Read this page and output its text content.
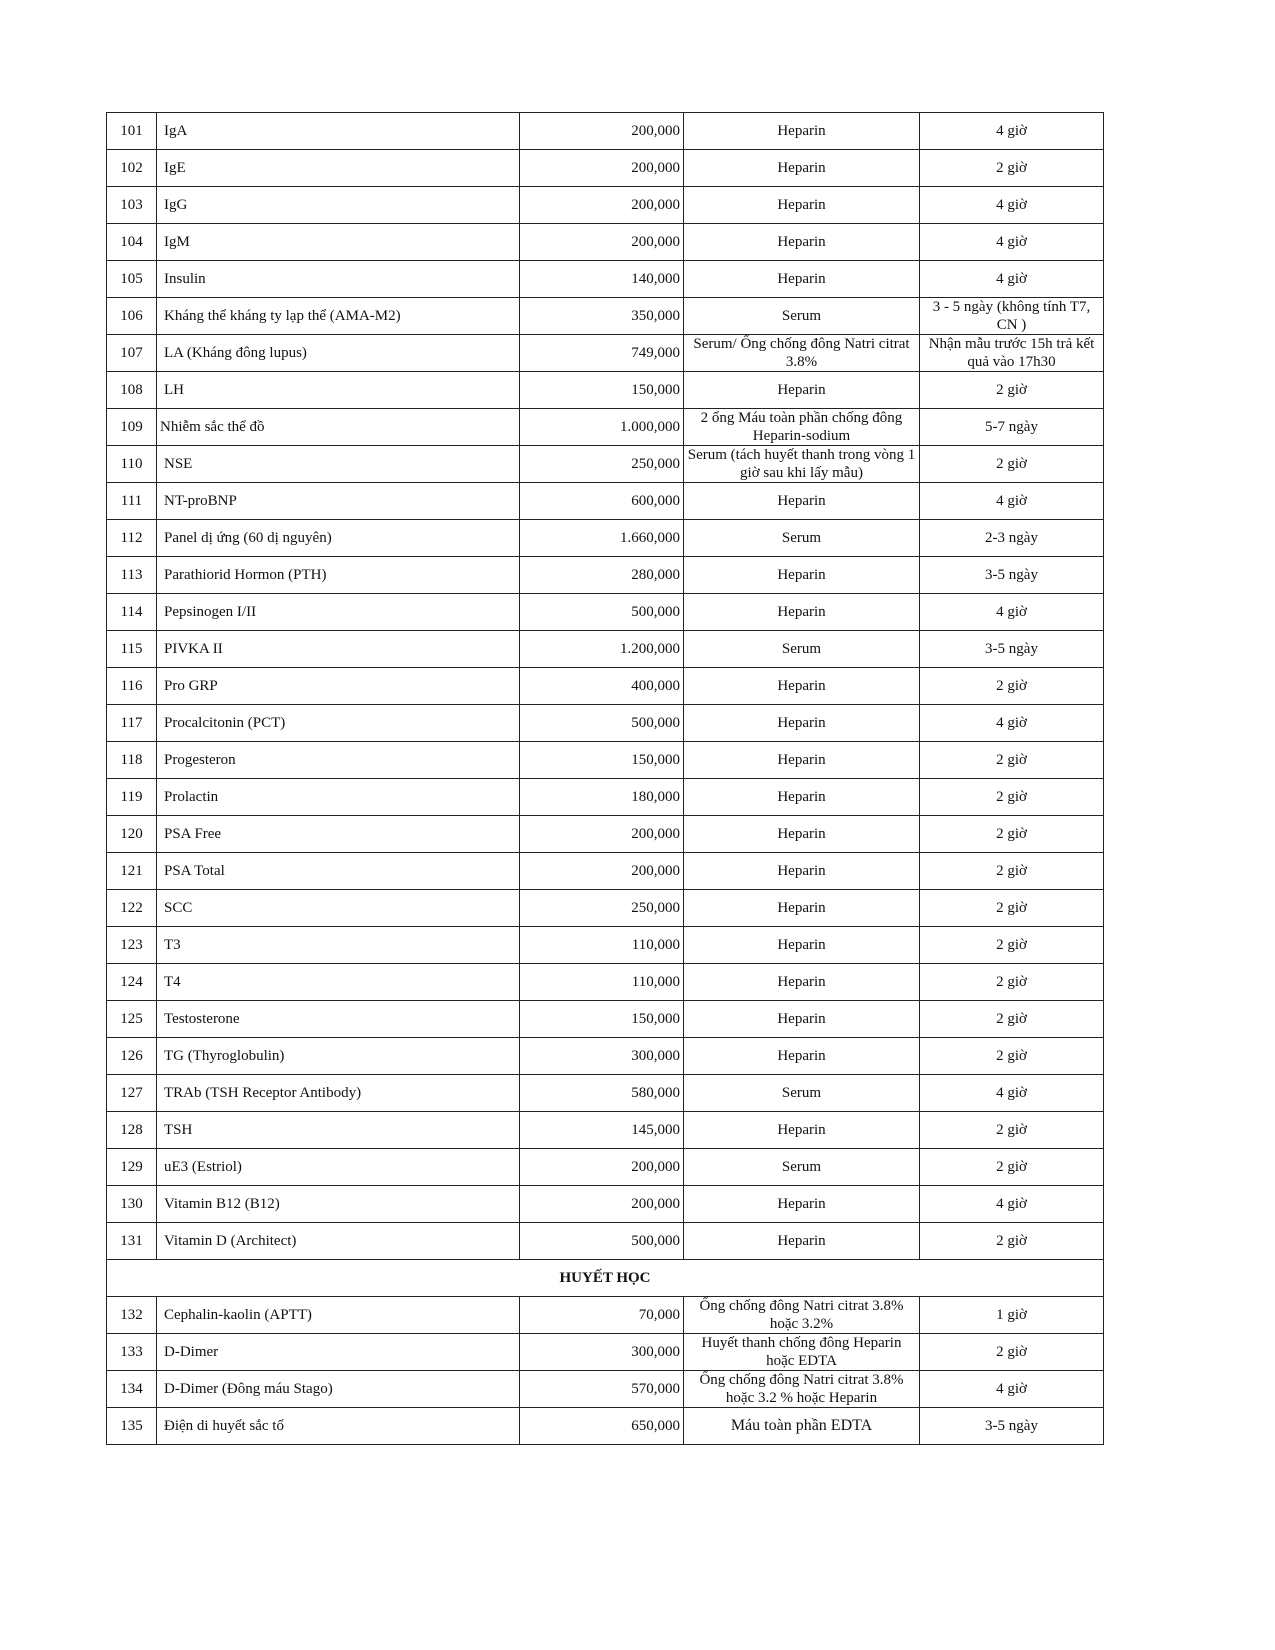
101	IgA	200,000	Heparin	4 giờ
102	IgE	200,000	Heparin	2 giờ
103	IgG	200,000	Heparin	4 giờ
104	IgM	200,000	Heparin	4 giờ
105	Insulin	140,000	Heparin	4 giờ
106	Kháng thể kháng ty lạp thể (AMA-M2)	350,000	Serum	3 - 5 ngày (không tính T7, CN )
107	LA (Kháng đông lupus)	749,000	Serum/ Ống chống đông Natri citrat 3.8%	Nhận mẫu trước 15h trả kết quả vào 17h30
108	LH	150,000	Heparin	2 giờ
109	Nhiễm sắc thể đồ	1.000,000	2 ống Máu toàn phần chống đông Heparin-sodium	5-7 ngày
110	NSE	250,000	Serum (tách huyết thanh trong vòng 1 giờ sau khi lấy mẫu)	2 giờ
111	NT-proBNP	600,000	Heparin	4 giờ
112	Panel dị ứng (60 dị nguyên)	1.660,000	Serum	2-3 ngày
113	Parathiorid Hormon (PTH)	280,000	Heparin	3-5 ngày
114	Pepsinogen I/II	500,000	Heparin	4 giờ
115	PIVKA II	1.200,000	Serum	3-5 ngày
116	Pro GRP	400,000	Heparin	2 giờ
117	Procalcitonin (PCT)	500,000	Heparin	4 giờ
118	Progesteron	150,000	Heparin	2 giờ
119	Prolactin	180,000	Heparin	2 giờ
120	PSA Free	200,000	Heparin	2 giờ
121	PSA Total	200,000	Heparin	2 giờ
122	SCC	250,000	Heparin	2 giờ
123	T3	110,000	Heparin	2 giờ
124	T4	110,000	Heparin	2 giờ
125	Testosterone	150,000	Heparin	2 giờ
126	TG (Thyroglobulin)	300,000	Heparin	2 giờ
127	TRAb (TSH Receptor Antibody)	580,000	Serum	4 giờ
128	TSH	145,000	Heparin	2 giờ
129	uE3 (Estriol)	200,000	Serum	2 giờ
130	Vitamin B12 (B12)	200,000	Heparin	4 giờ
131	Vitamin D (Architect)	500,000	Heparin	2 giờ
HUYẾT HỌC				
132	Cephalin-kaolin (APTT)	70,000	Ống chống đông Natri citrat 3.8% hoặc 3.2%	1 giờ
133	D-Dimer	300,000	Huyết thanh chống đông Heparin hoặc EDTA	2 giờ
134	D-Dimer (Đông máu Stago)	570,000	Ống chống đông Natri citrat 3.8% hoặc 3.2 % hoặc Heparin	4 giờ
135	Điện di huyết sắc tố	650,000	Máu toàn phần EDTA	3-5 ngày
